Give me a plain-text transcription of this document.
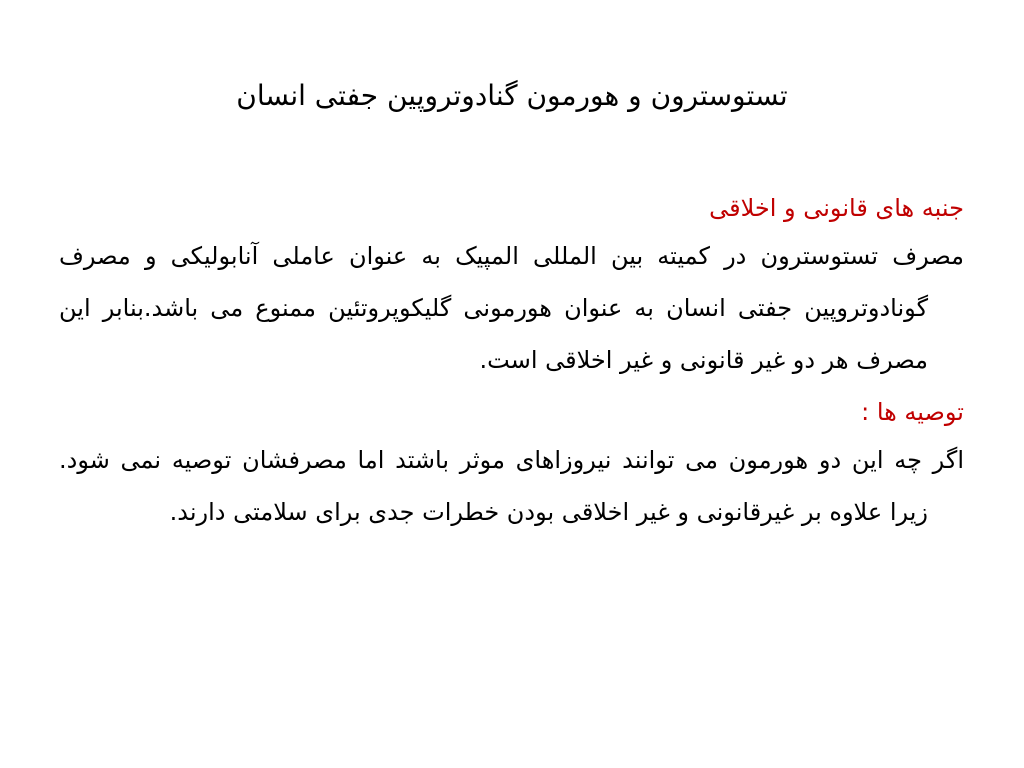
تستوسترون و هورمون گنادوتروپین جفتی انسان
جنبه های قانونی و اخلاقی

مصرف تستوسترون در کمیته بین المللی المپیک به عنوان عاملی آنابولیکی و مصرف گونادوتروپین جفتی انسان به عنوان هورمونی گلیکوپروتئین ممنوع می باشد.بنابر این مصرف هر دو غیر قانونی و غیر اخلاقی است.

توصیه ها :

اگر چه این دو هورمون می توانند نیروزاهای موثر باشتد اما مصرفشان توصیه نمی شود. زیرا علاوه بر غیرقانونی و غیر اخلاقی بودن خطرات جدی برای سلامتی دارند.
